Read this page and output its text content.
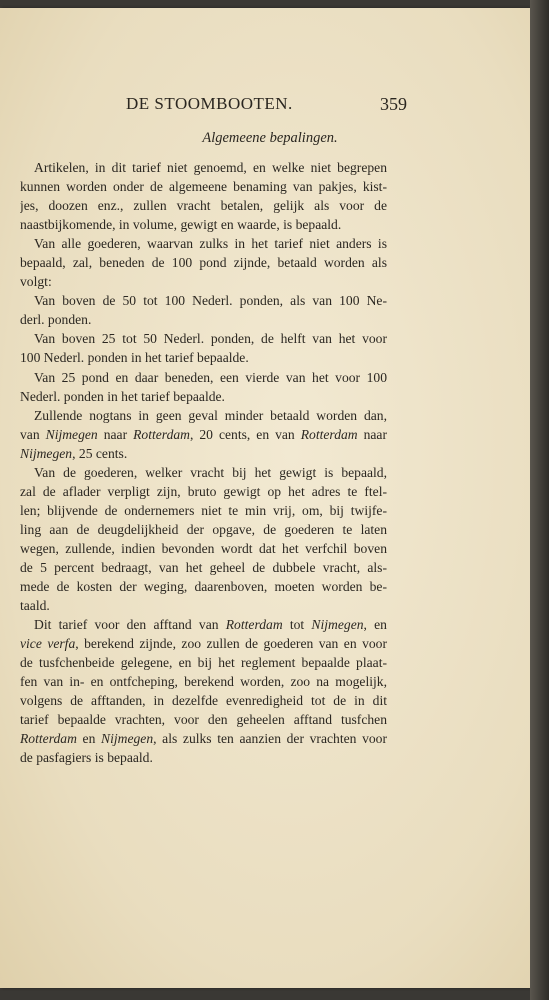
DE STOOMBOOTEN.	359
Algemeene bepalingen.
Artikelen, in dit tarief niet genoemd, en welke niet begrepen
kunnen worden onder de algemeene benaming van pakjes, kist-
jes, doozen enz., zullen vracht betalen, gelijk als voor de
naastbijkomende, in volume, gewigt en waarde, is bepaald.
Van alle goederen, waarvan zulks in het tarief niet anders is
bepaald, zal, beneden de 100 pond zijnde, betaald worden als
volgt:
Van boven de 50 tot 100 Nederl. ponden, als van 100 Ne-
derl. ponden.
Van boven 25 tot 50 Nederl. ponden, de helft van het voor
100 Nederl. ponden in het tarief bepaalde.
Van 25 pond en daar beneden, een vierde van het voor 100
Nederl. ponden in het tarief bepaalde.
Zullende nogtans in geen geval minder betaald worden dan,
van Nijmegen naar Rotterdam, 20 cents, en van Rotterdam naar
Nijmegen, 25 cents.
Van de goederen, welker vracht bij het gewigt is bepaald,
zal de aflader verpligt zijn, bruto gewigt op het adres te ftel-
len; blijvende de ondernemers niet te min vrij, om, bij twijfe-
ling aan de deugdelijkheid der opgave, de goederen te laten
wegen, zullende, indien bevonden wordt dat het verfchil boven
de 5 percent bedraagt, van het geheel de dubbele vracht, als-
mede de kosten der weging, daarenboven, moeten worden be-
taald.
Dit tarief voor den afftand van Rotterdam tot Nijmegen, en
vice verfa, berekend zijnde, zoo zullen de goederen van en voor
de tusfchenbeide gelegene, en bij het reglement bepaalde plaat-
fen van in- en ontfcheping, berekend worden, zoo na mogelijk,
volgens de afftanden, in dezelfde evenredigheid tot de in dit
tarief bepaalde vrachten, voor den geheelen afftand tusfchen
Rotterdam en Nijmegen, als zulks ten aanzien der vrachten voor
de pasfagiers is bepaald.
